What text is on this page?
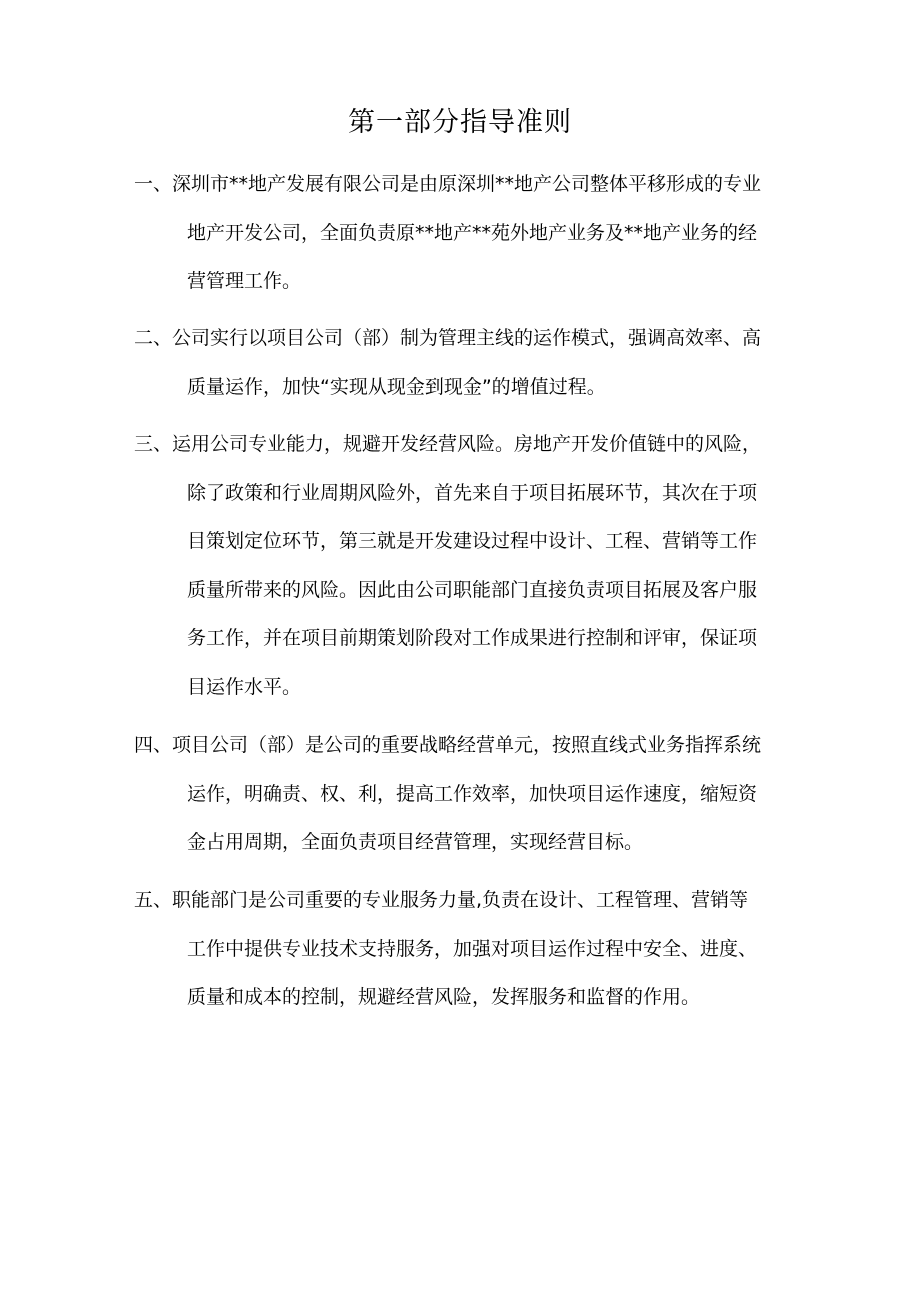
第一部分指导准则
一、 深圳市**地产发展有限公司是由原深圳**地产公司整体平移形成的专业
地产开发公司，全面负责原**地产**苑外地产业务及**地产业务的经
营管理工作。
二、 公司实行以项目公司（部）制为管理主线的运作模式，强调高效率、高
质量运作，加快“实现从现金到现金”的增值过程。
三、 运用公司专业能力，规避开发经营风险。房地产开发价值链中的风险，
除了政策和行业周期风险外，首先来自于项目拓展环节，其次在于项
目策划定位环节，第三就是开发建设过程中设计、工程、营销等工作
质量所带来的风险。因此由公司职能部门直接负责项目拓展及客户服
务工作，并在项目前期策划阶段对工作成果进行控制和评审，保证项
目运作水平。
四、 项目公司（部）是公司的重要战略经营单元，按照直线式业务指挥系统
运作，明确责、权、利，提高工作效率，加快项目运作速度，缩短资
金占用周期，全面负责项目经营管理，实现经营目标。
五、 职能部门是公司重要的专业服务力量,负责在设计、工程管理、营销等
工作中提供专业技术支持服务，加强对项目运作过程中安全、进度、
质量和成本的控制，规避经营风险，发挥服务和监督的作用。
